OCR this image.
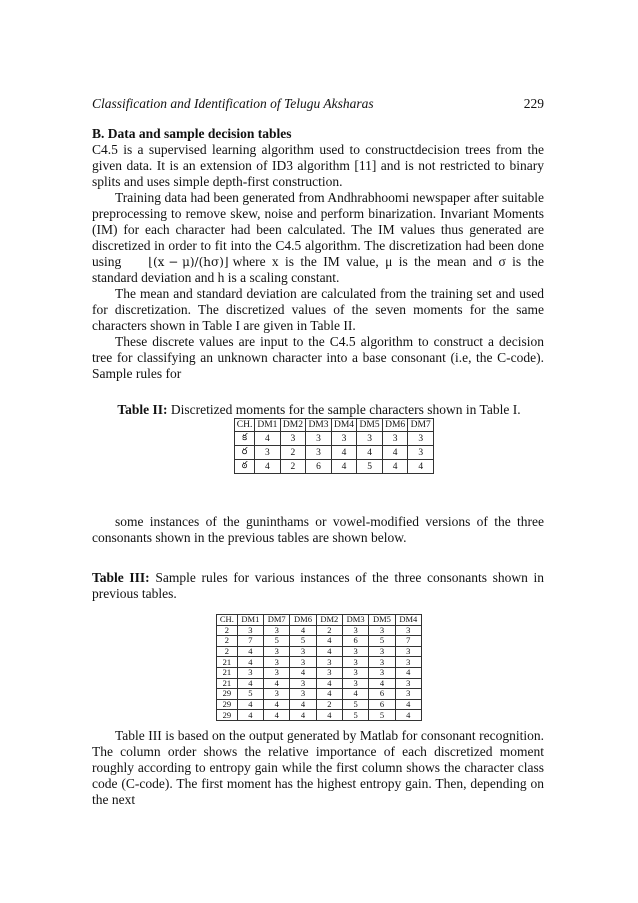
Classification and Identification of Telugu Aksharas	229

B. Data and sample decision tables

C4.5 is a supervised learning algorithm used to constructdecision trees from the given data. It is an extension of ID3 algorithm [11] and is not restricted to binary splits and uses simple depth-first construction.

Training data had been generated from Andhrabhoomi newspaper after suitable preprocessing to remove skew, noise and perform binarization. Invariant Moments (IM) for each character had been calculated. The IM values thus generated are discretized in order to fit into the C4.5 algorithm. The discretization had been done using ⌊(x − μ)/(hσ)⌋ where x is the IM value, μ is the mean and σ is the standard deviation and h is a scaling constant.

The mean and standard deviation are calculated from the training set and used for discretization. The discretized values of the seven moments for the same characters shown in Table I are given in Table II.

These discrete values are input to the C4.5 algorithm to construct a decision tree for classifying an unknown character into a base consonant (i.e, the C-code). Sample rules for

Table II: Discretized moments for the sample characters shown in Table I.
CH.	DM1	DM2	DM3	DM4	DM5	DM6	DM7
క	4	3	3	3	3	3	3
ర	3	2	3	4	4	4	3
ఠ	4	2	6	4	5	4	4
some instances of the guninthams or vowel-modified versions of the three consonants shown in the previous tables are shown below.
Table III: Sample rules for various instances of the three consonants shown in previous tables.
CH.	DM1	DM7	DM6	DM2	DM3	DM5	DM4
2	3	3	4	2	3	3	3
2	7	5	5	4	6	5	7
2	4	3	3	4	3	3	3
21	4	3	3	3	3	3	3
21	3	3	4	3	3	3	4
21	4	4	3	4	3	4	3
29	5	3	3	4	4	6	3
29	4	4	4	2	5	6	4
29	4	4	4	4	5	5	4
Table III is based on the output generated by Matlab for consonant recognition. The column order shows the relative importance of each discretized moment roughly according to entropy gain while the first column shows the character class code (C-code). The first moment has the highest entropy gain. Then, depending on the next
